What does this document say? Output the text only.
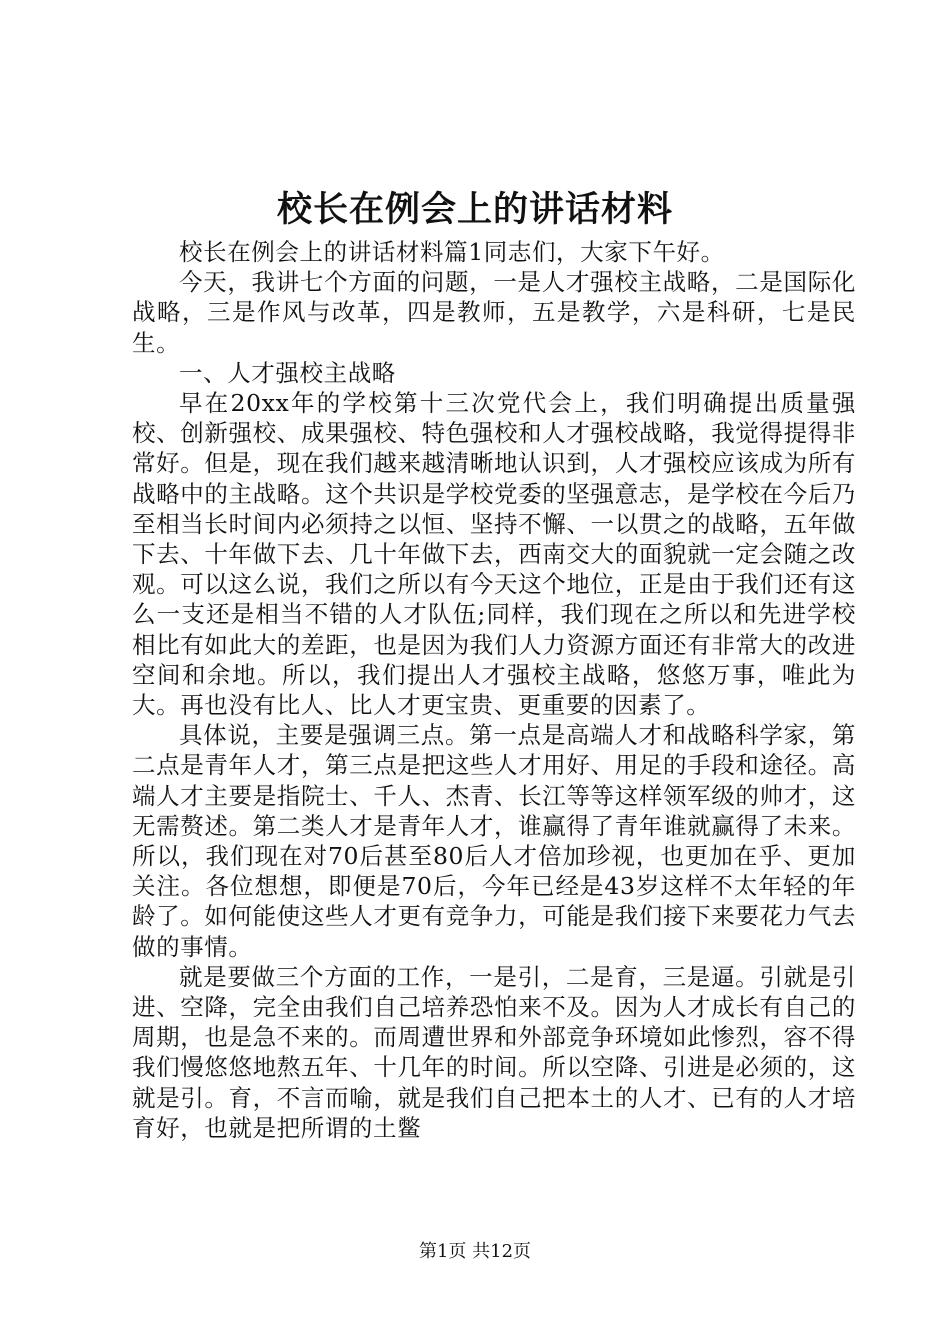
校长在例会上的讲话材料

校长在例会上的讲话材料篇1同志们，大家下午好。

今天，我讲七个方面的问题，一是人才强校主战略，二是国际化战略，三是作风与改革，四是教师，五是教学，六是科研，七是民生。

一、人才强校主战略

早在20xx年的学校第十三次党代会上，我们明确提出质量强校、创新强校、成果强校、特色强校和人才强校战略，我觉得提得非常好。但是，现在我们越来越清晰地认识到，人才强校应该成为所有战略中的主战略。这个共识是学校党委的坚强意志，是学校在今后乃至相当长时间内必须持之以恒、坚持不懈、一以贯之的战略，五年做下去、十年做下去、几十年做下去，西南交大的面貌就一定会随之改观。可以这么说，我们之所以有今天这个地位，正是由于我们还有这么一支还是相当不错的人才队伍;同样，我们现在之所以和先进学校相比有如此大的差距，也是因为我们人力资源方面还有非常大的改进空间和余地。所以，我们提出人才强校主战略，悠悠万事，唯此为大。再也没有比人、比人才更宝贵、更重要的因素了。

具体说，主要是强调三点。第一点是高端人才和战略科学家，第二点是青年人才，第三点是把这些人才用好、用足的手段和途径。高端人才主要是指院士、千人、杰青、长江等等这样领军级的帅才，这无需赘述。第二类人才是青年人才，谁赢得了青年谁就赢得了未来。所以，我们现在对70后甚至80后人才倍加珍视，也更加在乎、更加关注。各位想想，即便是70后，今年已经是43岁这样不太年轻的年龄了。如何能使这些人才更有竞争力，可能是我们接下来要花力气去做的事情。

就是要做三个方面的工作，一是引，二是育，三是逼。引就是引进、空降，完全由我们自己培养恐怕来不及。因为人才成长有自己的周期，也是急不来的。而周遭世界和外部竞争环境如此惨烈，容不得我们慢悠悠地熬五年、十几年的时间。所以空降、引进是必须的，这就是引。育，不言而喻，就是我们自己把本土的人才、已有的人才培育好，也就是把所谓的土鳖

第1页 共12页
